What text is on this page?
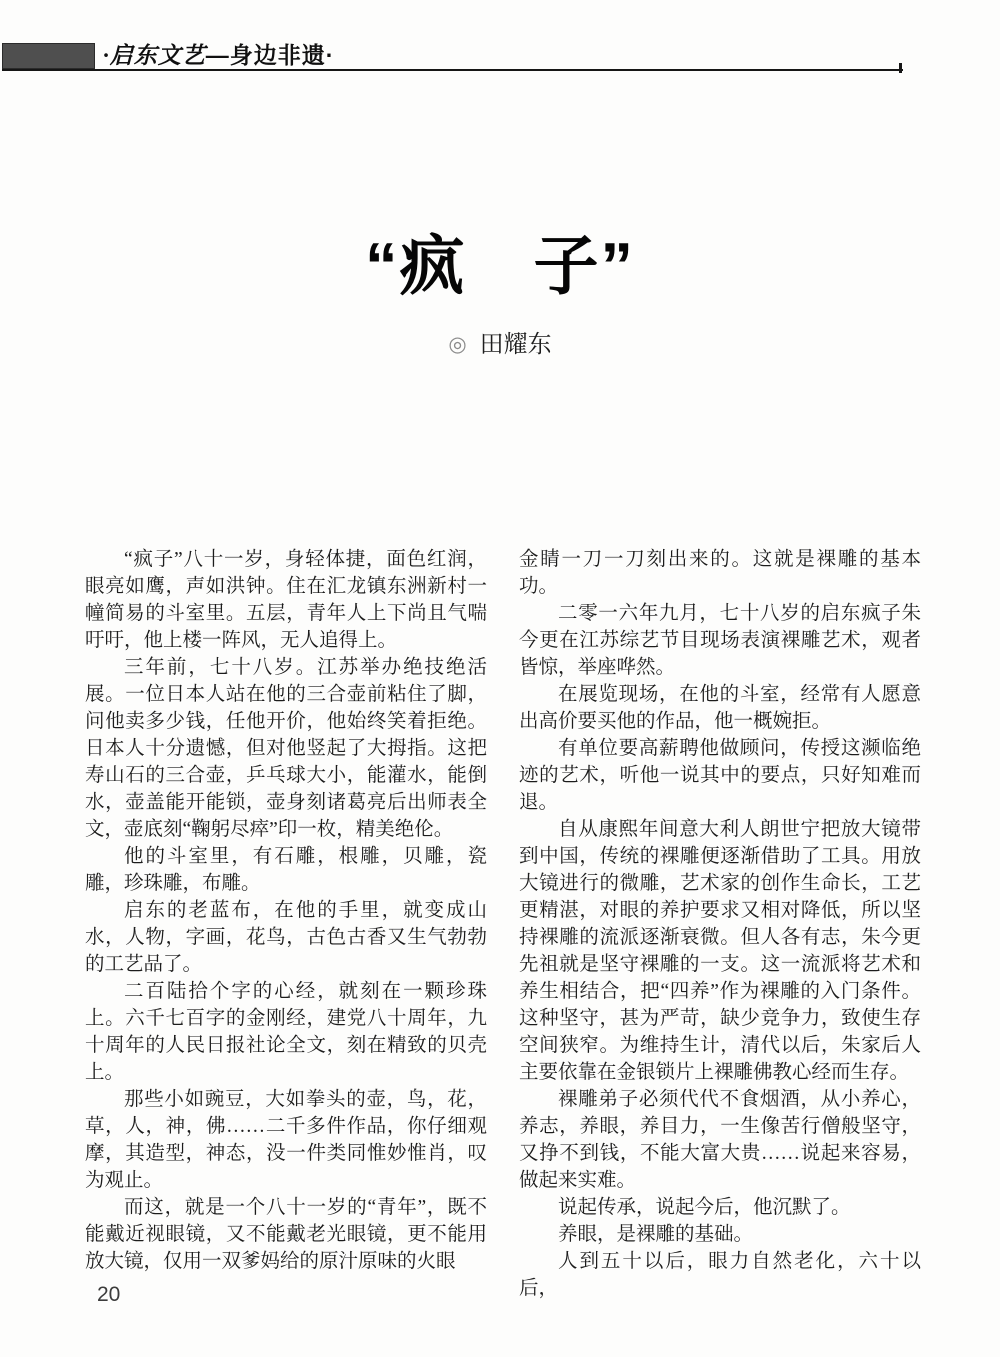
·启东文艺—身边非遗·
“疯　子”
◎ 田耀东

“疯子”八十一岁，身轻体捷，面色红润，眼亮如鹰，声如洪钟。住在汇龙镇东洲新村一幢简易的斗室里。五层，青年人上下尚且气喘吁吁，他上楼一阵风，无人追得上。

三年前，七十八岁。江苏举办绝技绝活展。一位日本人站在他的三合壶前粘住了脚，问他卖多少钱，任他开价，他始终笑着拒绝。日本人十分遗憾，但对他竖起了大拇指。这把寿山石的三合壶，乒乓球大小，能灌水，能倒水，壶盖能开能锁，壶身刻诸葛亮后出师表全文，壶底刻“鞠躬尽瘁”印一枚，精美绝伦。

他的斗室里，有石雕，根雕，贝雕，瓷雕，珍珠雕，布雕。

启东的老蓝布，在他的手里，就变成山水，人物，字画，花鸟，古色古香又生气勃勃的工艺品了。

二百陆拾个字的心经，就刻在一颗珍珠上。六千七百字的金刚经，建党八十周年，九十周年的人民日报社论全文，刻在精致的贝壳上。

那些小如豌豆，大如拳头的壶，鸟，花，草，人，神，佛……二千多件作品，你仔细观摩，其造型，神态，没一件类同惟妙惟肖，叹为观止。

而这，就是一个八十一岁的“青年”，既不能戴近视眼镜，又不能戴老光眼镜，更不能用放大镜，仅用一双爹妈给的原汁原味的火眼

金睛一刀一刀刻出来的。这就是裸雕的基本功。

二零一六年九月，七十八岁的启东疯子朱今更在江苏综艺节目现场表演裸雕艺术，观者皆惊，举座哗然。

在展览现场，在他的斗室，经常有人愿意出高价要买他的作品，他一概婉拒。

有单位要高薪聘他做顾问，传授这濒临绝迹的艺术，听他一说其中的要点，只好知难而退。

自从康熙年间意大利人朗世宁把放大镜带到中国，传统的裸雕便逐渐借助了工具。用放大镜进行的微雕，艺术家的创作生命长，工艺更精湛，对眼的养护要求又相对降低，所以坚持裸雕的流派逐渐衰微。但人各有志，朱今更先祖就是坚守裸雕的一支。这一流派将艺术和养生相结合，把“四养”作为裸雕的入门条件。这种坚守，甚为严苛，缺少竞争力，致使生存空间狭窄。为维持生计，清代以后，朱家后人主要依靠在金银锁片上裸雕佛教心经而生存。

裸雕弟子必须代代不食烟酒，从小养心，养志，养眼，养目力，一生像苦行僧般坚守，又挣不到钱，不能大富大贵……说起来容易，做起来实难。

说起传承，说起今后，他沉默了。

养眼，是裸雕的基础。

人到五十以后，眼力自然老化，六十以后，

20
